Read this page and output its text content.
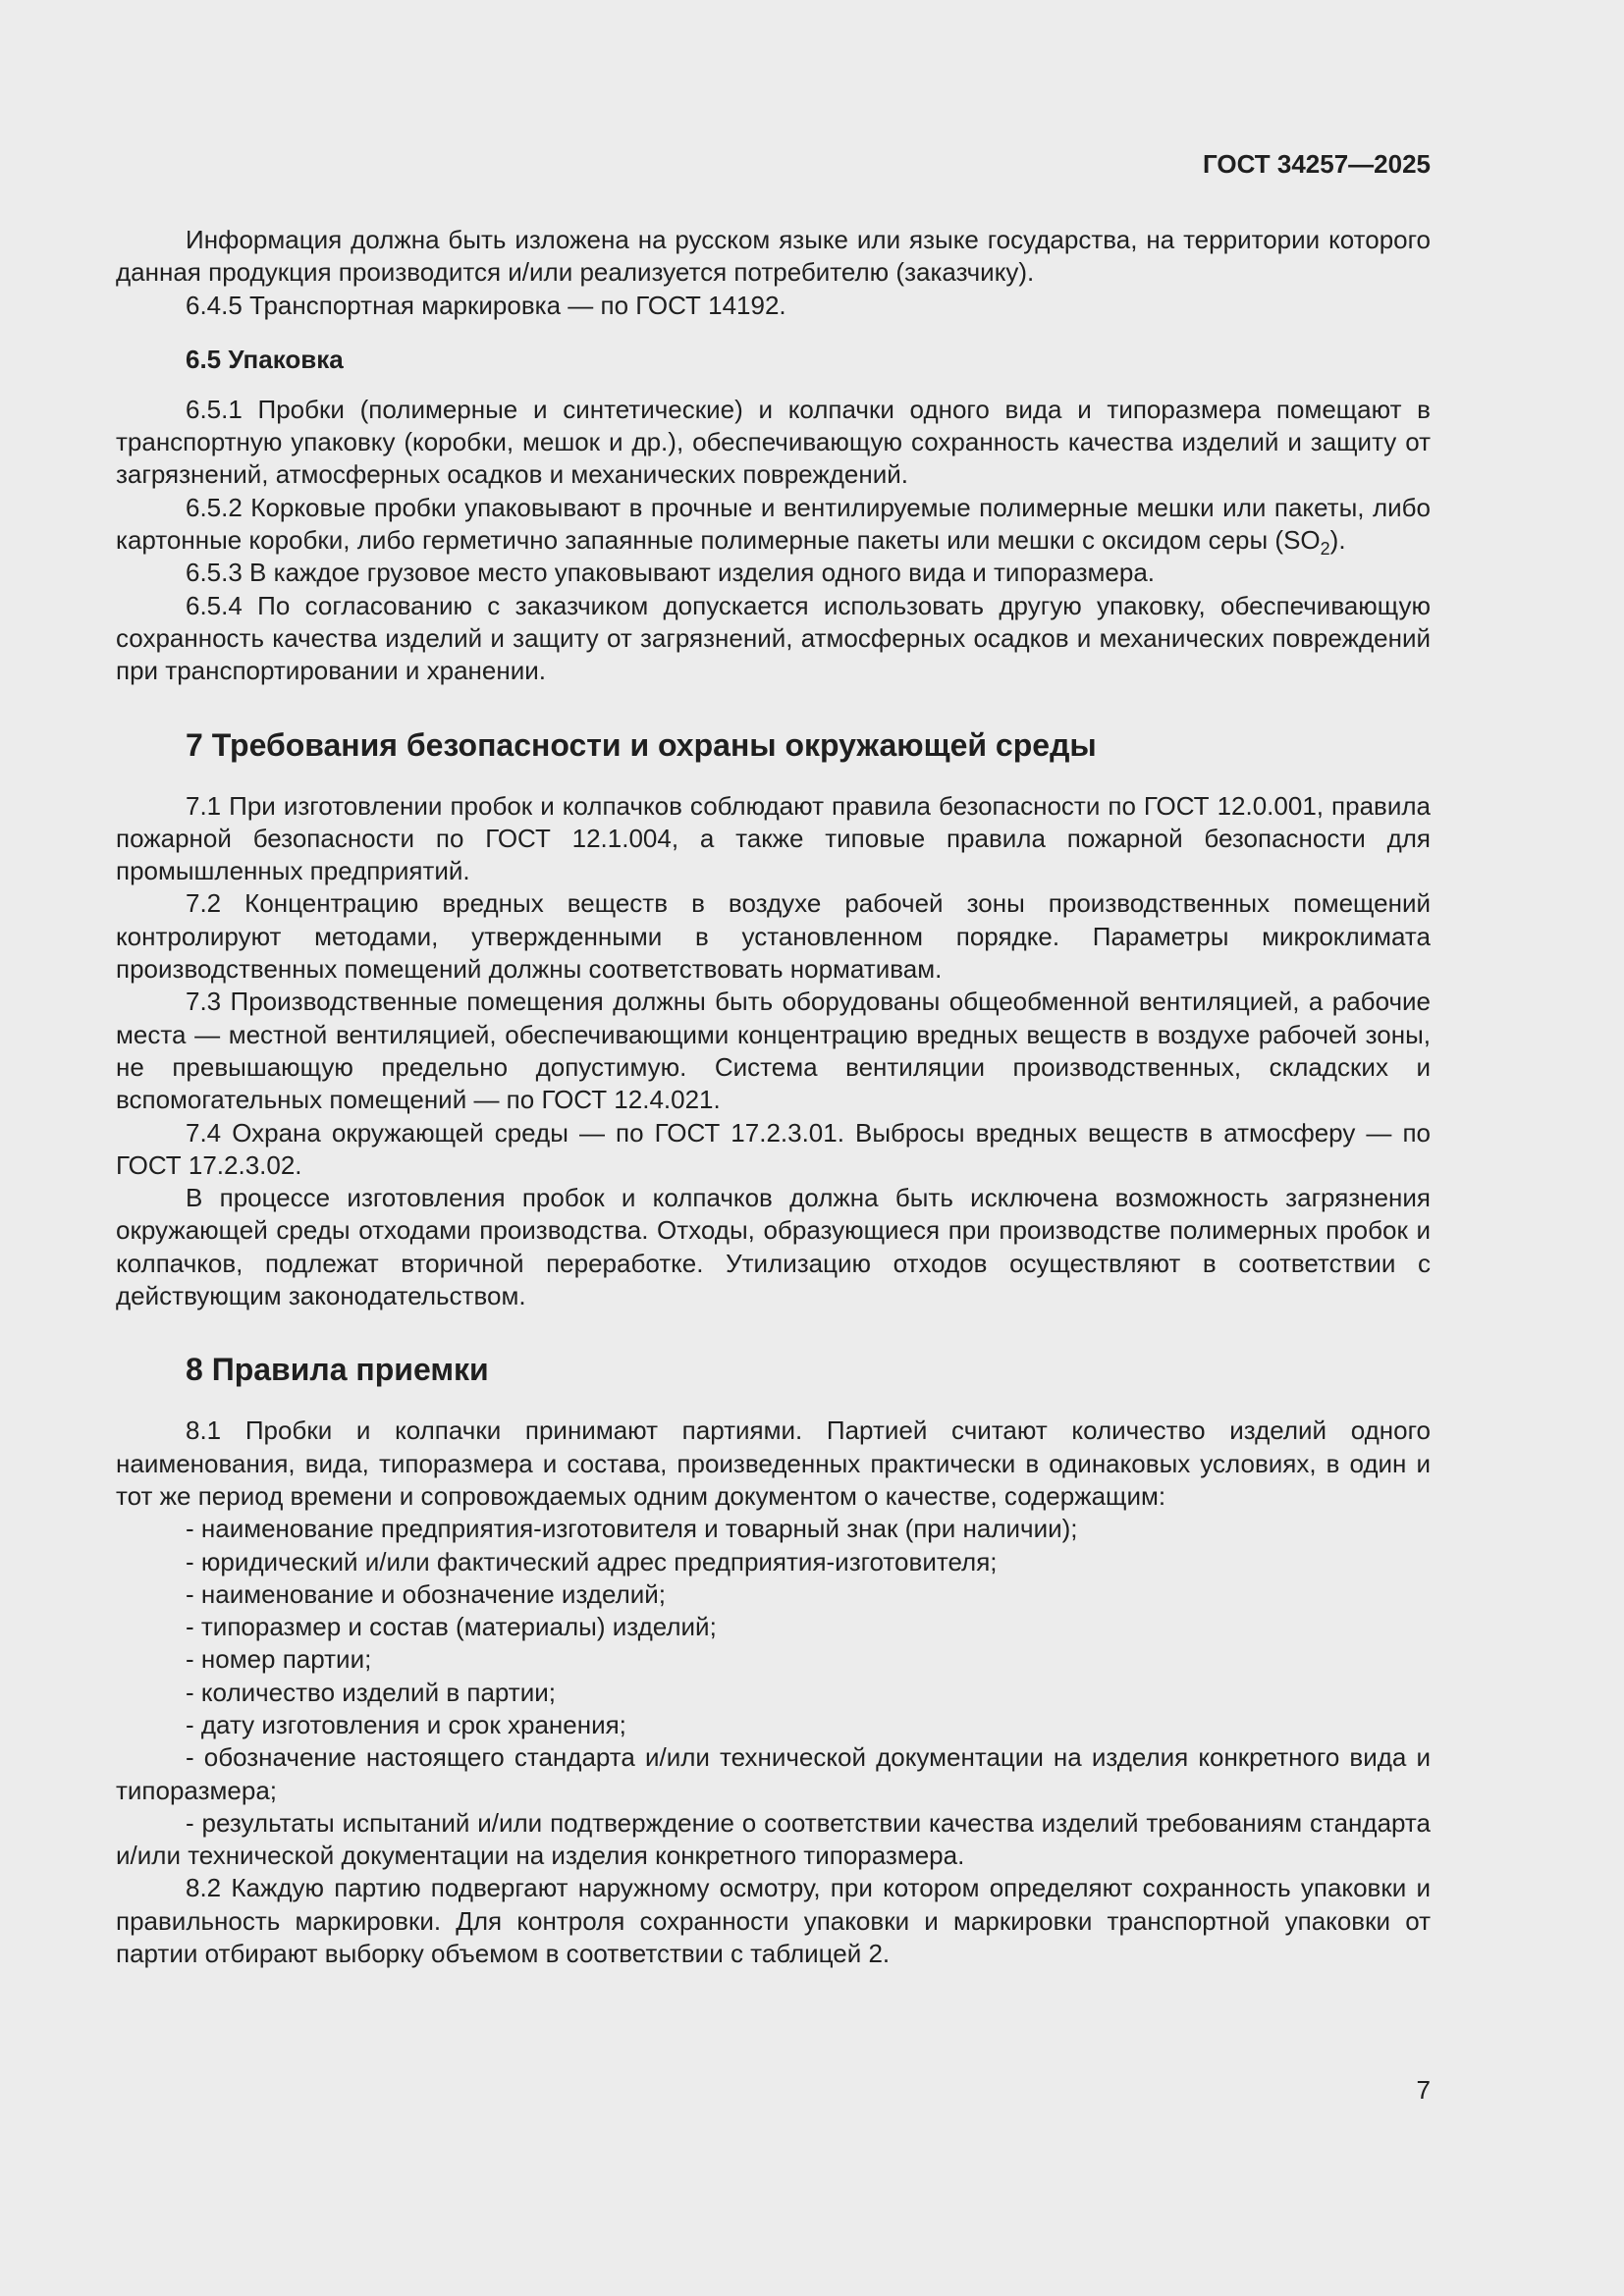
ГОСТ 34257—2025

Информация должна быть изложена на русском языке или языке государства, на территории которого данная продукция производится и/или реализуется потребителю (заказчику).

6.4.5 Транспортная маркировка — по ГОСТ 14192.

6.5 Упаковка

6.5.1 Пробки (полимерные и синтетические) и колпачки одного вида и типоразмера помещают в транспортную упаковку (коробки, мешок и др.), обеспечивающую сохранность качества изделий и защиту от загрязнений, атмосферных осадков и механических повреждений.

6.5.2 Корковые пробки упаковывают в прочные и вентилируемые полимерные мешки или пакеты, либо картонные коробки, либо герметично запаянные полимерные пакеты или мешки с оксидом серы $(SO_2)$.

6.5.3 В каждое грузовое место упаковывают изделия одного вида и типоразмера.

6.5.4 По согласованию с заказчиком допускается использовать другую упаковку, обеспечивающую сохранность качества изделий и защиту от загрязнений, атмосферных осадков и механических повреждений при транспортировании и хранении.

7 Требования безопасности и охраны окружающей среды

7.1 При изготовлении пробок и колпачков соблюдают правила безопасности по ГОСТ 12.0.001, правила пожарной безопасности по ГОСТ 12.1.004, а также типовые правила пожарной безопасности для промышленных предприятий.

7.2 Концентрацию вредных веществ в воздухе рабочей зоны производственных помещений контролируют методами, утвержденными в установленном порядке. Параметры микроклимата производственных помещений должны соответствовать нормативам.

7.3 Производственные помещения должны быть оборудованы общеобменной вентиляцией, а рабочие места — местной вентиляцией, обеспечивающими концентрацию вредных веществ в воздухе рабочей зоны, не превышающую предельно допустимую. Система вентиляции производственных, складских и вспомогательных помещений — по ГОСТ 12.4.021.

7.4 Охрана окружающей среды — по ГОСТ 17.2.3.01. Выбросы вредных веществ в атмосферу — по ГОСТ 17.2.3.02.

В процессе изготовления пробок и колпачков должна быть исключена возможность загрязнения окружающей среды отходами производства. Отходы, образующиеся при производстве полимерных пробок и колпачков, подлежат вторичной переработке. Утилизацию отходов осуществляют в соответствии с действующим законодательством.

8 Правила приемки

8.1 Пробки и колпачки принимают партиями. Партией считают количество изделий одного наименования, вида, типоразмера и состава, произведенных практически в одинаковых условиях, в один и тот же период времени и сопровождаемых одним документом о качестве, содержащим:

- наименование предприятия-изготовителя и товарный знак (при наличии);

- юридический и/или фактический адрес предприятия-изготовителя;

- наименование и обозначение изделий;

- типоразмер и состав (материалы) изделий;

- номер партии;

- количество изделий в партии;

- дату изготовления и срок хранения;

- обозначение настоящего стандарта и/или технической документации на изделия конкретного вида и типоразмера;

- результаты испытаний и/или подтверждение о соответствии качества изделий требованиям стандарта и/или технической документации на изделия конкретного типоразмера.

8.2 Каждую партию подвергают наружному осмотру, при котором определяют сохранность упаковки и правильность маркировки. Для контроля сохранности упаковки и маркировки транспортной упаковки от партии отбирают выборку объемом в соответствии с таблицей 2.

7
